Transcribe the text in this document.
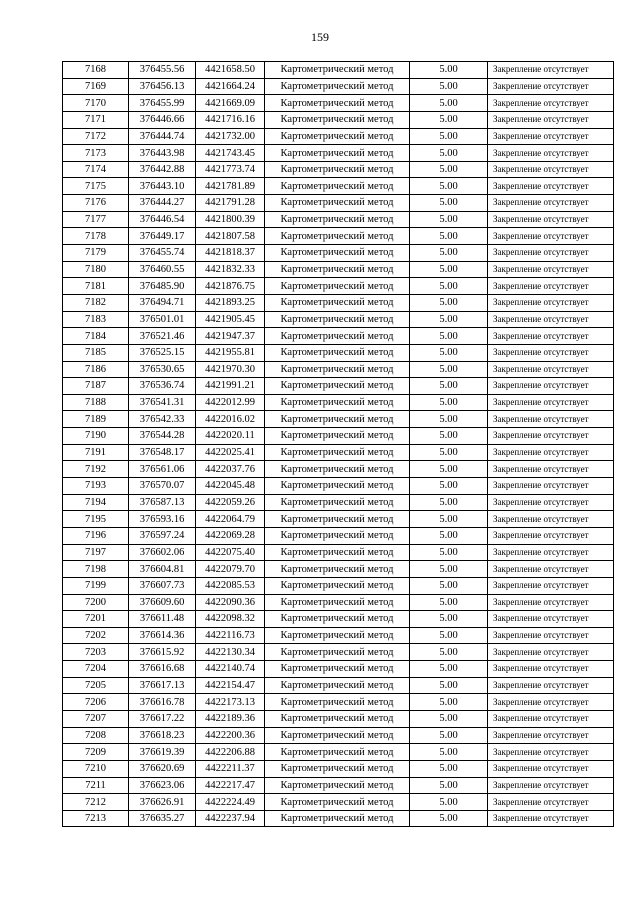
159
7168	376455.56	4421658.50	Картометрический метод	5.00	Закрепление отсутствует
7169	376456.13	4421664.24	Картометрический метод	5.00	Закрепление отсутствует
7170	376455.99	4421669.09	Картометрический метод	5.00	Закрепление отсутствует
7171	376446.66	4421716.16	Картометрический метод	5.00	Закрепление отсутствует
7172	376444.74	4421732.00	Картометрический метод	5.00	Закрепление отсутствует
7173	376443.98	4421743.45	Картометрический метод	5.00	Закрепление отсутствует
7174	376442.88	4421773.74	Картометрический метод	5.00	Закрепление отсутствует
7175	376443.10	4421781.89	Картометрический метод	5.00	Закрепление отсутствует
7176	376444.27	4421791.28	Картометрический метод	5.00	Закрепление отсутствует
7177	376446.54	4421800.39	Картометрический метод	5.00	Закрепление отсутствует
7178	376449.17	4421807.58	Картометрический метод	5.00	Закрепление отсутствует
7179	376455.74	4421818.37	Картометрический метод	5.00	Закрепление отсутствует
7180	376460.55	4421832.33	Картометрический метод	5.00	Закрепление отсутствует
7181	376485.90	4421876.75	Картометрический метод	5.00	Закрепление отсутствует
7182	376494.71	4421893.25	Картометрический метод	5.00	Закрепление отсутствует
7183	376501.01	4421905.45	Картометрический метод	5.00	Закрепление отсутствует
7184	376521.46	4421947.37	Картометрический метод	5.00	Закрепление отсутствует
7185	376525.15	4421955.81	Картометрический метод	5.00	Закрепление отсутствует
7186	376530.65	4421970.30	Картометрический метод	5.00	Закрепление отсутствует
7187	376536.74	4421991.21	Картометрический метод	5.00	Закрепление отсутствует
7188	376541.31	4422012.99	Картометрический метод	5.00	Закрепление отсутствует
7189	376542.33	4422016.02	Картометрический метод	5.00	Закрепление отсутствует
7190	376544.28	4422020.11	Картометрический метод	5.00	Закрепление отсутствует
7191	376548.17	4422025.41	Картометрический метод	5.00	Закрепление отсутствует
7192	376561.06	4422037.76	Картометрический метод	5.00	Закрепление отсутствует
7193	376570.07	4422045.48	Картометрический метод	5.00	Закрепление отсутствует
7194	376587.13	4422059.26	Картометрический метод	5.00	Закрепление отсутствует
7195	376593.16	4422064.79	Картометрический метод	5.00	Закрепление отсутствует
7196	376597.24	4422069.28	Картометрический метод	5.00	Закрепление отсутствует
7197	376602.06	4422075.40	Картометрический метод	5.00	Закрепление отсутствует
7198	376604.81	4422079.70	Картометрический метод	5.00	Закрепление отсутствует
7199	376607.73	4422085.53	Картометрический метод	5.00	Закрепление отсутствует
7200	376609.60	4422090.36	Картометрический метод	5.00	Закрепление отсутствует
7201	376611.48	4422098.32	Картометрический метод	5.00	Закрепление отсутствует
7202	376614.36	4422116.73	Картометрический метод	5.00	Закрепление отсутствует
7203	376615.92	4422130.34	Картометрический метод	5.00	Закрепление отсутствует
7204	376616.68	4422140.74	Картометрический метод	5.00	Закрепление отсутствует
7205	376617.13	4422154.47	Картометрический метод	5.00	Закрепление отсутствует
7206	376616.78	4422173.13	Картометрический метод	5.00	Закрепление отсутствует
7207	376617.22	4422189.36	Картометрический метод	5.00	Закрепление отсутствует
7208	376618.23	4422200.36	Картометрический метод	5.00	Закрепление отсутствует
7209	376619.39	4422206.88	Картометрический метод	5.00	Закрепление отсутствует
7210	376620.69	4422211.37	Картометрический метод	5.00	Закрепление отсутствует
7211	376623.06	4422217.47	Картометрический метод	5.00	Закрепление отсутствует
7212	376626.91	4422224.49	Картометрический метод	5.00	Закрепление отсутствует
7213	376635.27	4422237.94	Картометрический метод	5.00	Закрепление отсутствует
